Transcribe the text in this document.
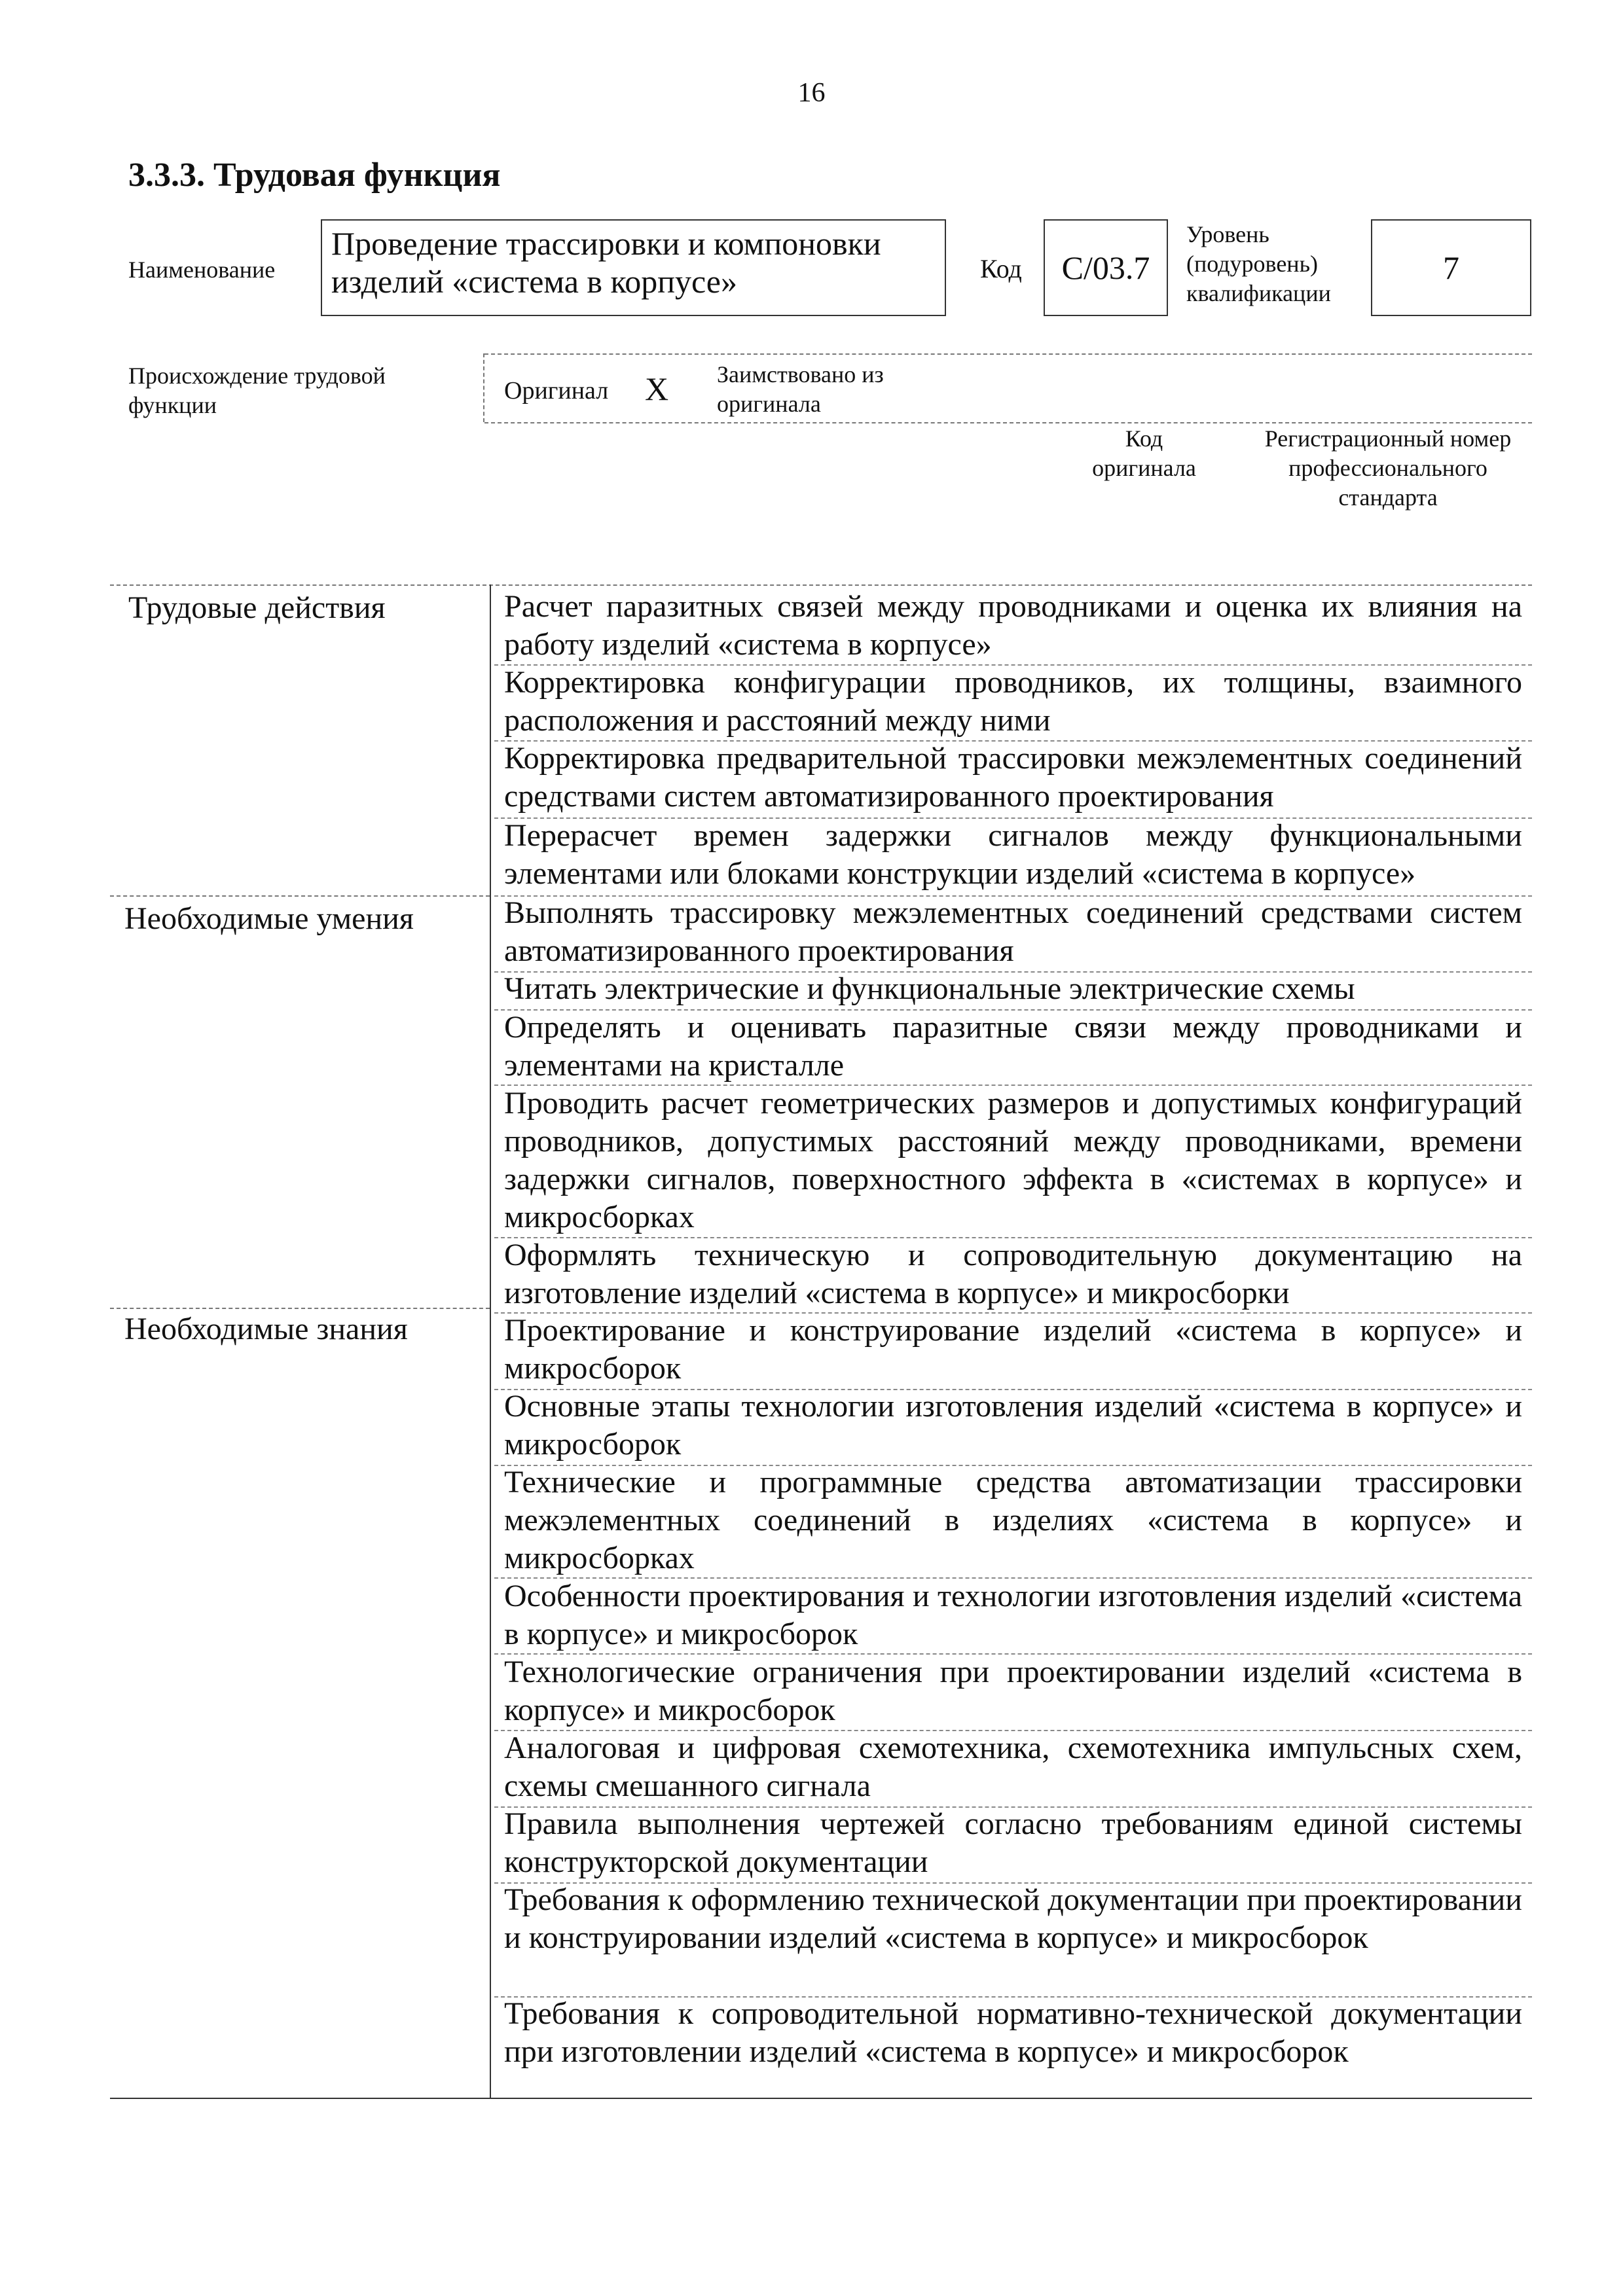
16
3.3.3. Трудовая функция
Наименование
Проведение трассировки и компоновки изделий «система в корпусе»	Код	C/03.7
Уровень
(подуровень)
квалификации
7
Происхождение трудовой функции
Оригинал X Заимствовано из оригинала
Код оригинала
Регистрационный номер профессионального стандарта
Трудовые действия
Необходимые умения
Необходимые знания
Расчет паразитных связей между проводниками и оценка их влияния на работу изделий «система в корпусе»
Корректировка конфигурации проводников, их толщины, взаимного расположения и расстояний между ними
Корректировка предварительной трассировки межэлементных соединений средствами систем автоматизированного проектирования
Перерасчет времен задержки сигналов между функциональными элементами или блоками конструкции изделий «система в корпусе»
Выполнять трассировку межэлементных соединений средствами систем автоматизированного проектирования
Читать электрические и функциональные электрические схемы
Определять и оценивать паразитные связи между проводниками и элементами на кристалле
Проводить расчет геометрических размеров и допустимых конфигураций проводников, допустимых расстояний между проводниками, времени задержки сигналов, поверхностного эффекта в «системах в корпусе» и микросборках
Оформлять техническую и сопроводительную документацию на изготовление изделий «система в корпусе» и микросборки
Проектирование и конструирование изделий «система в корпусе» и микросборок
Основные этапы технологии изготовления изделий «система в корпусе» и микросборок
Технические и программные средства автоматизации трассировки межэлементных соединений в изделиях «система в корпусе» и микросборках
Особенности проектирования и технологии изготовления изделий «система в корпусе» и микросборок
Технологические ограничения при проектировании изделий «система в корпусе» и микросборок
Аналоговая и цифровая схемотехника, схемотехника импульсных схем, схемы смешанного сигнала
Правила выполнения чертежей согласно требованиям единой системы конструкторской документации
Требования к оформлению технической документации при проектировании и конструировании изделий «система в корпусе» и микросборок
Требования к сопроводительной нормативно-технической документации при изготовлении изделий «система в корпусе» и микросборок
